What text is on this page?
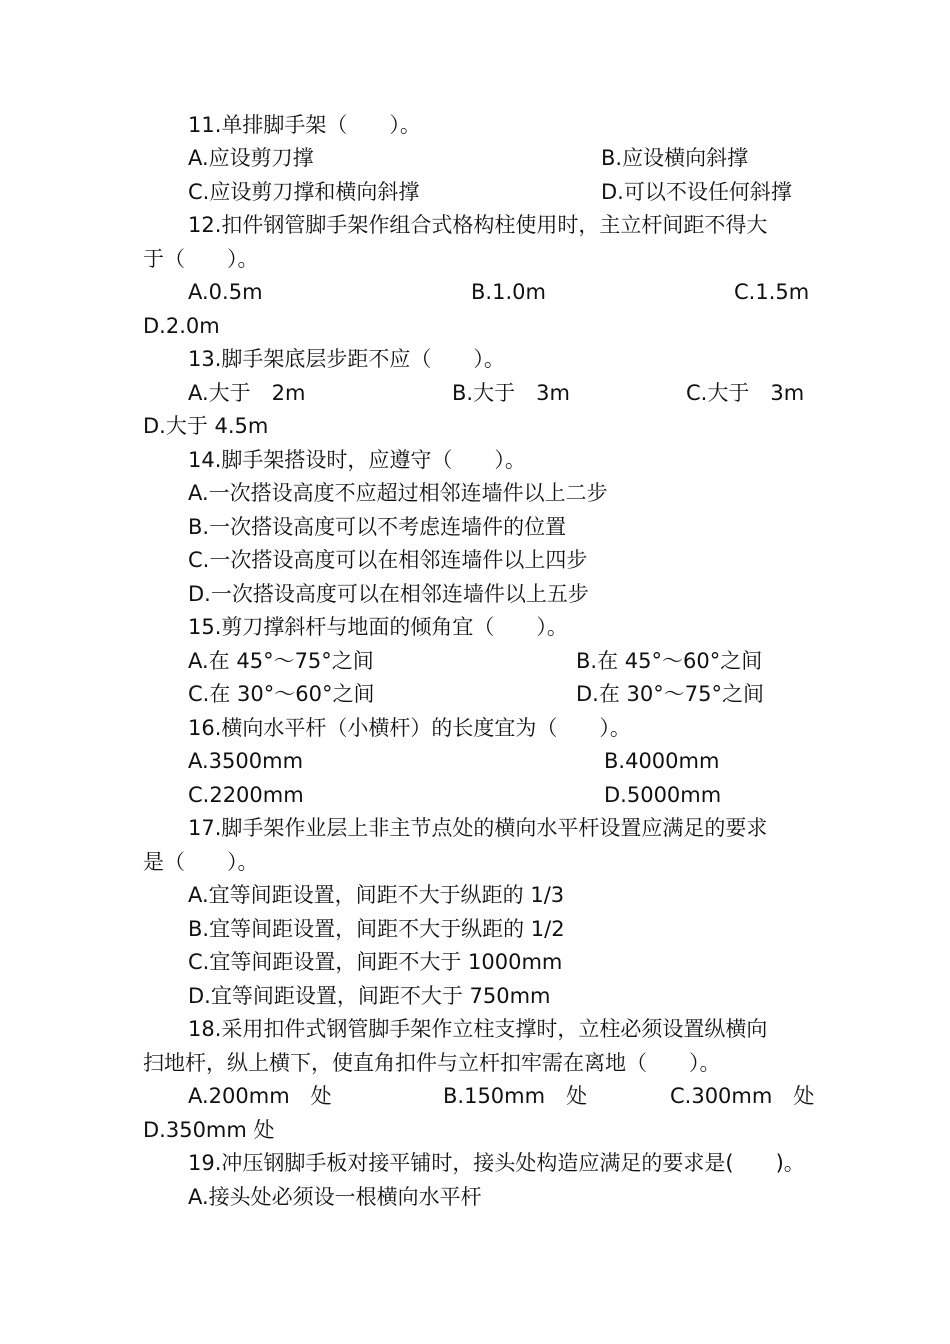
11.单排脚手架（　　）。
A.应设剪刀撑	B.应设横向斜撑
C.应设剪刀撑和横向斜撑	D.可以不设任何斜撑
12.扣件钢管脚手架作组合式格构柱使用时，主立杆间距不得大
于（　　）。
A.0.5m	B.1.0m	C.1.5m
D.2.0m
13.脚手架底层步距不应（　　）。
A.大于　2m	B.大于　3m	C.大于　3m
D.大于 4.5m
14.脚手架搭设时，应遵守（　　）。
A.一次搭设高度不应超过相邻连墙件以上二步
B.一次搭设高度可以不考虑连墙件的位置
C.一次搭设高度可以在相邻连墙件以上四步
D.一次搭设高度可以在相邻连墙件以上五步
15.剪刀撑斜杆与地面的倾角宜（　　）。
A.在 45°～75°之间	B.在 45°～60°之间
C.在 30°～60°之间	D.在 30°～75°之间
16.横向水平杆（小横杆）的长度宜为（　　）。
A.3500mm	B.4000mm
C.2200mm	D.5000mm
17.脚手架作业层上非主节点处的横向水平杆设置应满足的要求
是（　　）。
A.宜等间距设置，间距不大于纵距的 1/3
B.宜等间距设置，间距不大于纵距的 1/2
C.宜等间距设置，间距不大于 1000mm
D.宜等间距设置，间距不大于 750mm
18.采用扣件式钢管脚手架作立柱支撑时，立柱必须设置纵横向
扫地杆，纵上横下，使直角扣件与立杆扣牢需在离地（　　）。
A.200mm　处	B.150mm　处	C.300mm　处
D.350mm 处
19.冲压钢脚手板对接平铺时，接头处构造应满足的要求是(　　)。
A.接头处必须设一根横向水平杆
